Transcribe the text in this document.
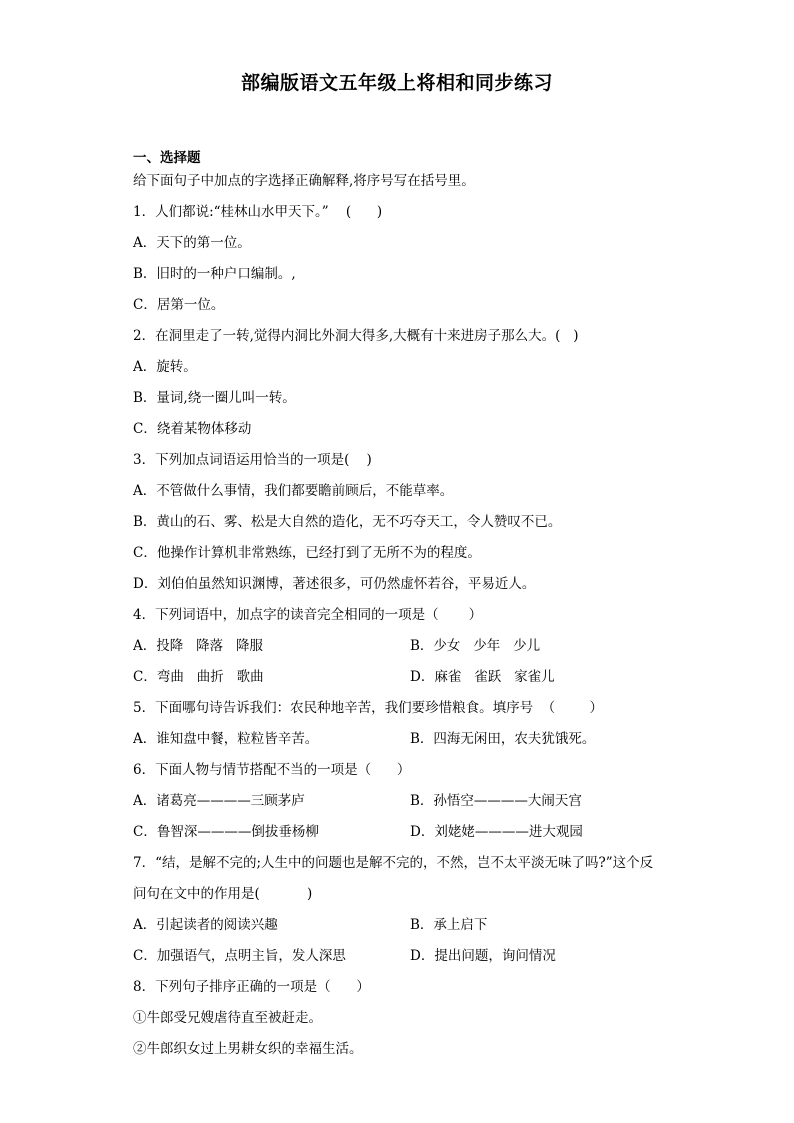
部编版语文五年级上将相和同步练习
一、选择题
给下面句子中加点的字选择正确解释,将序号写在括号里。
1．人们都说:“桂林山水甲天下。”    (      )
A．天下的第一位。
B．旧时的一种户口编制。,
C．居第一位。
2．在洞里走了一转,觉得内洞比外洞大得多,大概有十来进房子那么大。(   )
A．旋转。
B．量词,绕一圈儿叫一转。
C．绕着某物体移动
3．下列加点词语运用恰当的一项是(    )
A．不管做什么事情，我们都要瞻前顾后，不能草率。
B．黄山的石、雾、松是大自然的造化，无不巧夺天工，令人赞叹不已。
C．他操作计算机非常熟练，已经打到了无所不为的程度。
D．刘伯伯虽然知识渊博，著述很多，可仍然虚怀若谷，平易近人。
4．下列词语中，加点字的读音完全相同的一项是（       ）
A．投降   降落   降服	B．少女   少年   少儿
C．弯曲   曲折   歌曲	D．麻雀   雀跃   家雀儿
5．下面哪句诗告诉我们：农民种地辛苦，我们要珍惜粮食。填序号  （        ）
A．谁知盘中餐，粒粒皆辛苦。	B．四海无闲田，农夫犹饿死。
6．下面人物与情节搭配不当的一项是（      ）
A．诸葛亮————三顾茅庐	B．孙悟空————大闹天宫
C．鲁智深————倒拔垂杨柳	D．刘姥姥————进大观园
7．“结，是解不完的;人生中的问题也是解不完的，不然，岂不太平淡无味了吗?”这个反
问句在文中的作用是(           )
A．引起读者的阅读兴趣	B．承上启下
C．加强语气，点明主旨，发人深思	D．提出问题，询问情况
8．下列句子排序正确的一项是（      ）
①牛郎受兄嫂虐待直至被赶走。
②牛郎织女过上男耕女织的幸福生活。
